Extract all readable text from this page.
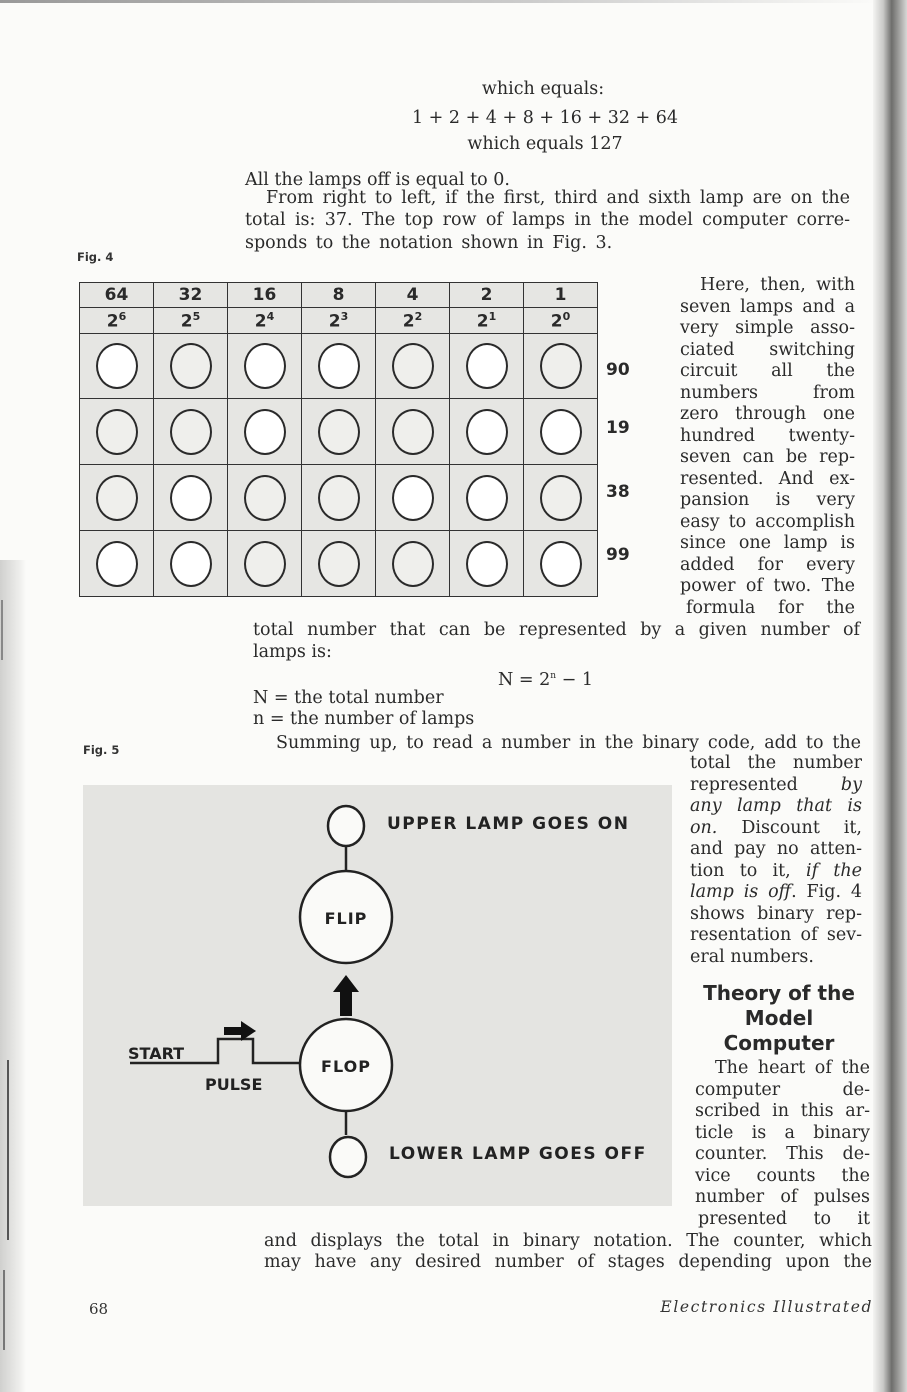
which equals:
1 + 2 + 4 + 8 + 16 + 32 + 64
which equals 127
All the lamps off is equal to 0.
From right to left, if the first, third and sixth lamp are on the
total is: 37. The top row of lamps in the model computer corre-
sponds to the notation shown in Fig. 3.
Fig. 4
64	32	16	8	4	2	1
$2^6$	$2^5$	$2^4$	$2^3$	$2^2$	$2^1$	$2^0$

90
19
38
99
Here, then, with
seven lamps and a
very simple asso-
ciated switching
circuit all the
numbers from
zero through one
hundred twenty-
seven can be rep-
resented. And ex-
pansion is very
easy to accomplish
since one lamp is
added for every
power of two. The
formula for the
total number that can be represented by a given number of
lamps is:
$N = 2^n - 1$
N = the total number
n = the number of lamps
Summing up, to read a number in the binary code, add to the
Fig. 5
UPPER LAMP GOES ON
LOWER LAMP GOES OFF
FLIP
FLOP
START
PULSE
total the number
represented by
any lamp that is
on. Discount it,
and pay no atten-
tion to it, if the
lamp is off. Fig. 4
shows binary rep-
resentation of sev-
eral numbers.
Theory of the
Model
Computer
The heart of the
computer de-
scribed in this ar-
ticle is a binary
counter. This de-
vice counts the
number of pulses
presented to it
and displays the total in binary notation. The counter, which
may have any desired number of stages depending upon the
68	Electronics Illustrated
